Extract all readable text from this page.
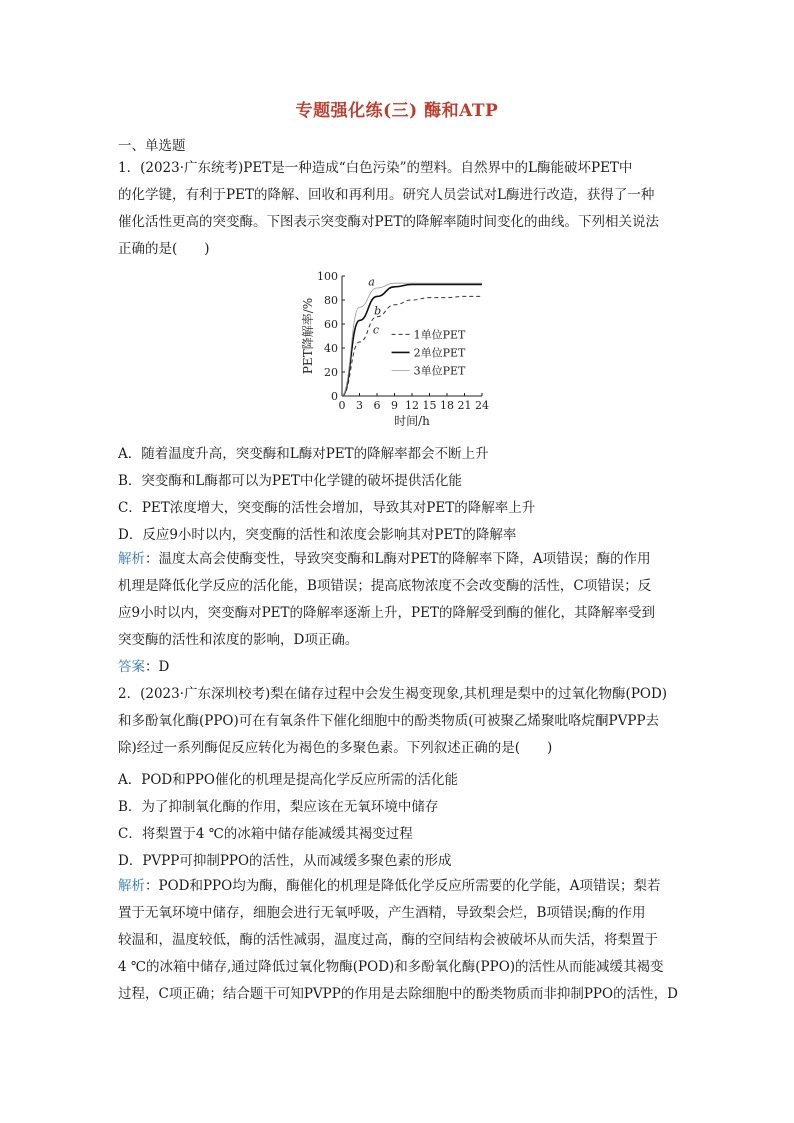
专题强化练(三) 酶和ATP
一、单选题
1．(2023·广东统考)PET是一种造成“白色污染”的塑料。自然界中的L酶能破坏PET中
的化学键，有利于PET的降解、回收和再利用。研究人员尝试对L酶进行改造，获得了一种
催化活性更高的突变酶。下图表示突变酶对PET的降解率随时间变化的曲线。下列相关说法
正确的是(　　)
0
20
40
60
80
100
0 3 6 9 12 15 18 21 24
时间/h
PET降解率/%
a
b
c	1单位PET
2单位PET
3单位PET
A．随着温度升高，突变酶和L酶对PET的降解率都会不断上升
B．突变酶和L酶都可以为PET中化学键的破坏提供活化能
C．PET浓度增大，突变酶的活性会增加，导致其对PET的降解率上升
D．反应9小时以内，突变酶的活性和浓度会影响其对PET的降解率
解析：温度太高会使酶变性，导致突变酶和L酶对PET的降解率下降，A项错误；酶的作用
机理是降低化学反应的活化能，B项错误；提高底物浓度不会改变酶的活性，C项错误；反
应9小时以内，突变酶对PET的降解率逐渐上升，PET的降解受到酶的催化，其降解率受到
突变酶的活性和浓度的影响，D项正确。
答案：D
2．(2023·广东深圳校考)梨在储存过程中会发生褐变现象,其机理是梨中的过氧化物酶(POD)
和多酚氧化酶(PPO)可在有氧条件下催化细胞中的酚类物质(可被聚乙烯聚吡咯烷酮PVPP去
除)经过一系列酶促反应转化为褐色的多聚色素。下列叙述正确的是(　　)
A．POD和PPO催化的机理是提高化学反应所需的活化能
B．为了抑制氧化酶的作用，梨应该在无氧环境中储存
C．将梨置于4 ℃的冰箱中储存能减缓其褐变过程
D．PVPP可抑制PPO的活性，从而减缓多聚色素的形成
解析：POD和PPO均为酶，酶催化的机理是降低化学反应所需要的化学能，A项错误；梨若
置于无氧环境中储存，细胞会进行无氧呼吸，产生酒精，导致梨会烂，B项错误;酶的作用
较温和，温度较低，酶的活性减弱，温度过高，酶的空间结构会被破坏从而失活，将梨置于
4 ℃的冰箱中储存,通过降低过氧化物酶(POD)和多酚氧化酶(PPO)的活性从而能减缓其褐变
过程，C项正确；结合题干可知PVPP的作用是去除细胞中的酚类物质而非抑制PPO的活性，D
